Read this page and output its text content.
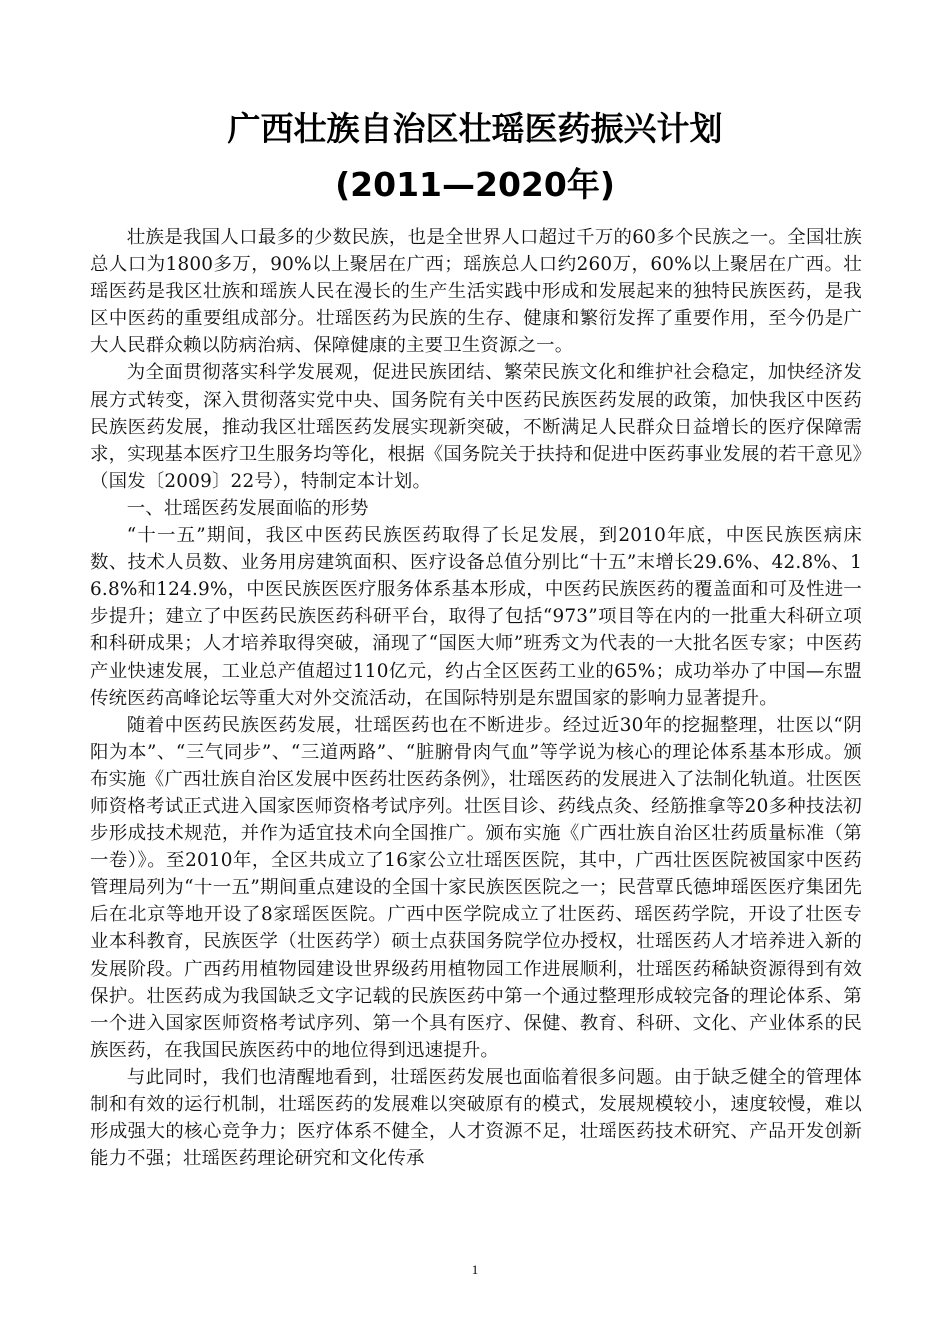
广西壮族自治区壮瑶医药振兴计划
(2011—2020年)

壮族是我国人口最多的少数民族，也是全世界人口超过千万的60多个民族之一。全国壮族总人口为1800多万，90%以上聚居在广西；瑶族总人口约260万，60%以上聚居在广西。壮瑶医药是我区壮族和瑶族人民在漫长的生产生活实践中形成和发展起来的独特民族医药，是我区中医药的重要组成部分。壮瑶医药为民族的生存、健康和繁衍发挥了重要作用，至今仍是广大人民群众赖以防病治病、保障健康的主要卫生资源之一。

为全面贯彻落实科学发展观，促进民族团结、繁荣民族文化和维护社会稳定，加快经济发展方式转变，深入贯彻落实党中央、国务院有关中医药民族医药发展的政策，加快我区中医药民族医药发展，推动我区壮瑶医药发展实现新突破，不断满足人民群众日益增长的医疗保障需求，实现基本医疗卫生服务均等化，根据《国务院关于扶持和促进中医药事业发展的若干意见》（国发〔2009〕22号），特制定本计划。

一、壮瑶医药发展面临的形势

“十一五”期间，我区中医药民族医药取得了长足发展，到2010年底，中医民族医病床数、技术人员数、业务用房建筑面积、医疗设备总值分别比“十五”末增长29.6%、42.8%、16.8%和124.9%，中医民族医医疗服务体系基本形成，中医药民族医药的覆盖面和可及性进一步提升；建立了中医药民族医药科研平台，取得了包括“973”项目等在内的一批重大科研立项和科研成果；人才培养取得突破，涌现了“国医大师”班秀文为代表的一大批名医专家；中医药产业快速发展，工业总产值超过110亿元，约占全区医药工业的65%；成功举办了中国—东盟传统医药高峰论坛等重大对外交流活动，在国际特别是东盟国家的影响力显著提升。

随着中医药民族医药发展，壮瑶医药也在不断进步。经过近30年的挖掘整理，壮医以“阴阳为本”、“三气同步”、“三道两路”、“脏腑骨肉气血”等学说为核心的理论体系基本形成。颁布实施《广西壮族自治区发展中医药壮医药条例》，壮瑶医药的发展进入了法制化轨道。壮医医师资格考试正式进入国家医师资格考试序列。壮医目诊、药线点灸、经筋推拿等20多种技法初步形成技术规范，并作为适宜技术向全国推广。颁布实施《广西壮族自治区壮药质量标准（第一卷）》。至2010年，全区共成立了16家公立壮瑶医医院，其中，广西壮医医院被国家中医药管理局列为“十一五”期间重点建设的全国十家民族医医院之一；民营覃氏德坤瑶医医疗集团先后在北京等地开设了8家瑶医医院。广西中医学院成立了壮医药、瑶医药学院，开设了壮医专业本科教育，民族医学（壮医药学）硕士点获国务院学位办授权，壮瑶医药人才培养进入新的发展阶段。广西药用植物园建设世界级药用植物园工作进展顺利，壮瑶医药稀缺资源得到有效保护。壮医药成为我国缺乏文字记载的民族医药中第一个通过整理形成较完备的理论体系、第一个进入国家医师资格考试序列、第一个具有医疗、保健、教育、科研、文化、产业体系的民族医药，在我国民族医药中的地位得到迅速提升。

与此同时，我们也清醒地看到，壮瑶医药发展也面临着很多问题。由于缺乏健全的管理体制和有效的运行机制，壮瑶医药的发展难以突破原有的模式，发展规模较小，速度较慢，难以形成强大的核心竞争力；医疗体系不健全，人才资源不足，壮瑶医药技术研究、产品开发创新能力不强；壮瑶医药理论研究和文化传承

1
